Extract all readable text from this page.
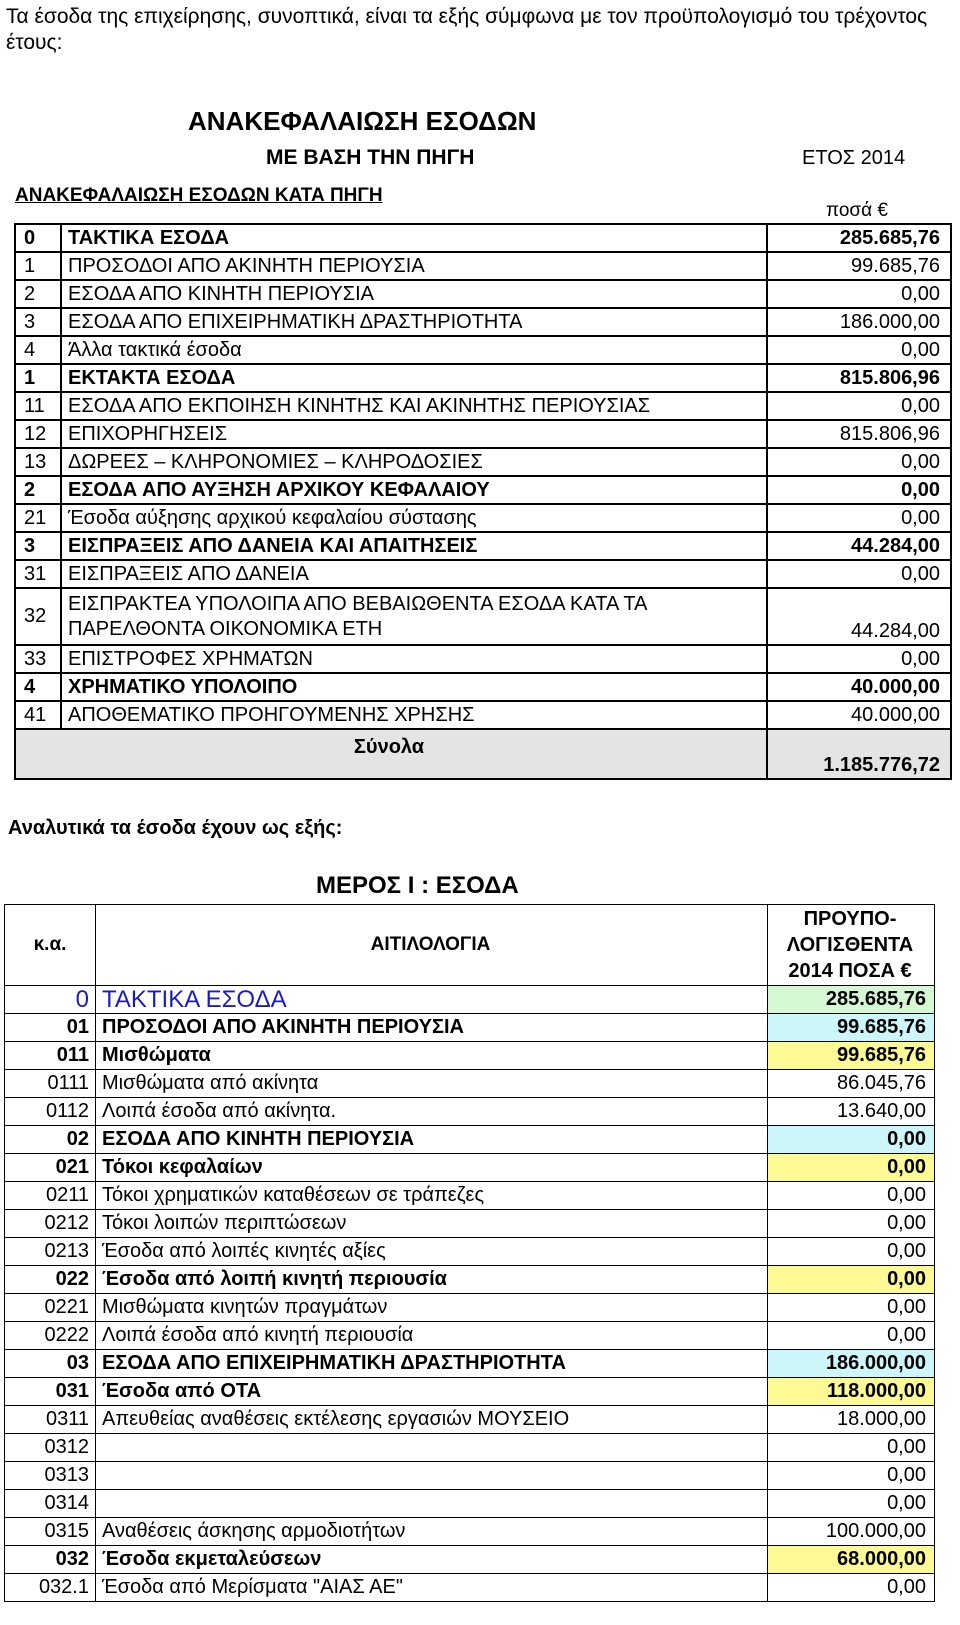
Τα έσοδα της επιχείρησης, συνοπτικά, είναι τα εξής σύμφωνα με τον προϋπολογισμό του τρέχοντος έτους:
ΑΝΑΚΕΦΑΛΑΙΩΣΗ ΕΣΟΔΩΝ
ΜΕ ΒΑΣΗ ΤΗΝ ΠΗΓΗ	ΕΤΟΣ 2014
ΑΝΑΚΕΦΑΛΑΙΩΣΗ ΕΣΟΔΩΝ ΚΑΤΑ ΠΗΓΗ
ποσά €
0	ΤΑΚΤΙΚΑ ΕΣΟΔΑ	285.685,76
1	ΠΡΟΣΟΔΟΙ ΑΠΟ ΑΚΙΝΗΤΗ ΠΕΡΙΟΥΣΙΑ	99.685,76
2	ΕΣΟΔΑ ΑΠΟ ΚΙΝΗΤΗ ΠΕΡΙΟΥΣΙΑ	0,00
3	ΕΣΟΔΑ ΑΠΟ ΕΠΙΧΕΙΡΗΜΑΤΙΚΗ ΔΡΑΣΤΗΡΙΟΤΗΤΑ	186.000,00
4	Άλλα τακτικά έσοδα	0,00
1	ΕΚΤΑΚΤΑ ΕΣΟΔΑ	815.806,96
11	ΕΣΟΔΑ ΑΠΟ ΕΚΠΟΙΗΣΗ ΚΙΝΗΤΗΣ ΚΑΙ ΑΚΙΝΗΤΗΣ ΠΕΡΙΟΥΣΙΑΣ	0,00
12	ΕΠΙΧΟΡΗΓΗΣΕΙΣ	815.806,96
13	ΔΩΡΕΕΣ – ΚΛΗΡΟΝΟΜΙΕΣ – ΚΛΗΡΟΔΟΣΙΕΣ	0,00
2	ΕΣΟΔΑ ΑΠΟ ΑΥΞΗΣΗ ΑΡΧΙΚΟΥ ΚΕΦΑΛΑΙΟΥ	0,00
21	Έσοδα αύξησης αρχικού κεφαλαίου σύστασης	0,00
3	ΕΙΣΠΡΑΞΕΙΣ ΑΠΟ ΔΑΝΕΙΑ ΚΑΙ ΑΠΑΙΤΗΣΕΙΣ	44.284,00
31	ΕΙΣΠΡΑΞΕΙΣ ΑΠΟ ΔΑΝΕΙΑ	0,00
32	ΕΙΣΠΡΑΚΤΕΑ ΥΠΟΛΟΙΠΑ ΑΠΟ ΒΕΒΑΙΩΘΕΝΤΑ ΕΣΟΔΑ ΚΑΤΑ ΤΑ ΠΑΡΕΛΘΟΝΤΑ ΟΙΚΟΝΟΜΙΚΑ ΕΤΗ	44.284,00
33	ΕΠΙΣΤΡΟΦΕΣ ΧΡΗΜΑΤΩΝ	0,00
4	ΧΡΗΜΑΤΙΚΟ ΥΠΟΛΟΙΠΟ	40.000,00
41	ΑΠΟΘΕΜΑΤΙΚΟ ΠΡΟΗΓΟΥΜΕΝΗΣ ΧΡΗΣΗΣ	40.000,00
Σύνολα		1.185.776,72
Αναλυτικά τα έσοδα έχουν ως εξής:
ΜΕΡΟΣ Ι : ΕΣΟΔΑ
κ.α.	ΑΙΤΙΛΟΛΟΓΙΑ	ΠΡΟΥΠΟ-ΛΟΓΙΣΘΕΝΤΑ 2014 ΠΟΣΑ €
0	ΤΑΚΤΙΚΑ ΕΣΟΔΑ	285.685,76
01	ΠΡΟΣΟΔΟΙ ΑΠΟ ΑΚΙΝΗΤΗ ΠΕΡΙΟΥΣΙΑ	99.685,76
011	Μισθώματα	99.685,76
0111	Μισθώματα από ακίνητα	86.045,76
0112	Λοιπά έσοδα από ακίνητα.	13.640,00
02	ΕΣΟΔΑ ΑΠΟ ΚΙΝΗΤΗ ΠΕΡΙΟΥΣΙΑ	0,00
021	Τόκοι κεφαλαίων	0,00
0211	Τόκοι χρηματικών καταθέσεων σε τράπεζες	0,00
0212	Τόκοι λοιπών περιπτώσεων	0,00
0213	Έσοδα από λοιπές κινητές αξίες	0,00
022	Έσοδα από λοιπή κινητή περιουσία	0,00
0221	Μισθώματα κινητών πραγμάτων	0,00
0222	Λοιπά έσοδα από κινητή περιουσία	0,00
03	ΕΣΟΔΑ ΑΠΟ ΕΠΙΧΕΙΡΗΜΑΤΙΚΗ ΔΡΑΣΤΗΡΙΟΤΗΤΑ	186.000,00
031	Έσοδα από ΟΤΑ	118.000,00
0311	Απευθείας αναθέσεις εκτέλεσης εργασιών ΜΟΥΣΕΙΟ	18.000,00
0312		0,00
0313		0,00
0314		0,00
0315	Αναθέσεις άσκησης αρμοδιοτήτων	100.000,00
032	Έσοδα εκμεταλεύσεων	68.000,00
032.1	Έσοδα από Μερίσματα "ΑΙΑΣ ΑΕ"	0,00
